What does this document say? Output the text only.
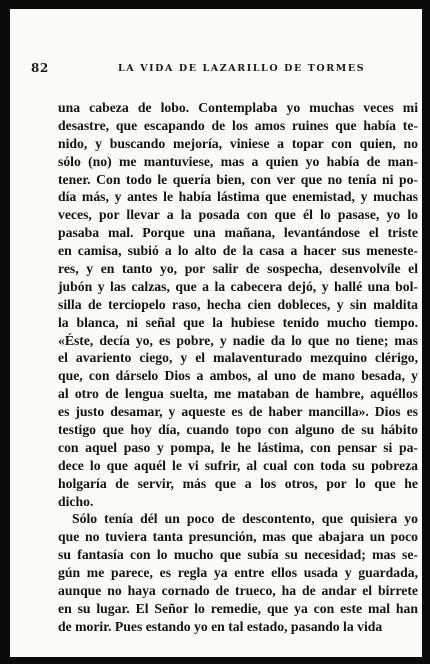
82	LA VIDA DE LAZARILLO DE TORMES
una cabeza de lobo. Contemplaba yo muchas veces mi
desastre, que escapando de los amos ruines que había te-
nido, y buscando mejoría, viniese a topar con quien, no
sólo (no) me mantuviese, mas a quien yo había de man-
tener. Con todo le quería bien, con ver que no tenía ni po-
día más, y antes le había lástima que enemistad, y muchas
veces, por llevar a la posada con que él lo pasase, yo lo
pasaba mal. Porque una mañana, levantándose el triste
en camisa, subió a lo alto de la casa a hacer sus meneste-
res, y en tanto yo, por salir de sospecha, desenvolvíle el
jubón y las calzas, que a la cabecera dejó, y hallé una bol-
silla de terciopelo raso, hecha cien dobleces, y sin maldita
la blanca, ni señal que la hubiese tenido mucho tiempo.
«Éste, decía yo, es pobre, y nadie da lo que no tiene; mas
el avariento ciego, y el malaventurado mezquino clérigo,
que, con dárselo Dios a ambos, al uno de mano besada, y
al otro de lengua suelta, me mataban de hambre, aquéllos
es justo desamar, y aqueste es de haber mancilla». Dios es
testigo que hoy día, cuando topo con alguno de su hábito
con aquel paso y pompa, le he lástima, con pensar si pa-
dece lo que aquél le vi sufrir, al cual con toda su pobreza
holgaría de servir, más que a los otros, por lo que he
dicho.
Sólo tenía dél un poco de descontento, que quisiera yo
que no tuviera tanta presunción, mas que abajara un poco
su fantasía con lo mucho que subía su necesidad; mas se-
gún me parece, es regla ya entre ellos usada y guardada,
aunque no haya cornado de trueco, ha de andar el birrete
en su lugar. El Señor lo remedie, que ya con este mal han
de morir. Pues estando yo en tal estado, pasando la vida
